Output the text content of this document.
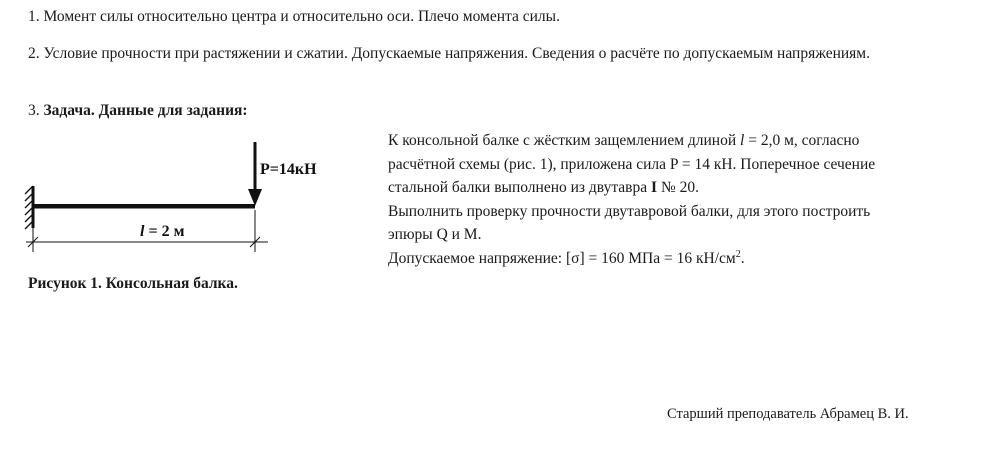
1. Момент силы относительно центра и относительно оси. Плечо момента силы.
2. Условие прочности при растяжении и сжатии. Допускаемые напряжения. Сведения о расчёте по допускаемым напряжениям.
3. Задача. Данные для задания:
P=14кН
l = 2 м
Рисунок 1. Консольная балка.
К консольной балке с жёстким защемлением длиной l = 2,0 м, согласно
расчётной схемы (рис. 1), приложена сила P = 14 кН. Поперечное сечение
стальной балки выполнено из двутавра I № 20.
Выполнить проверку прочности двутавровой балки, для этого построить
эпюры Q и M.
Допускаемое напряжение: [σ] = 160 МПа = 16 $кН/см^2$.
Старший преподаватель Абрамец В. И.
